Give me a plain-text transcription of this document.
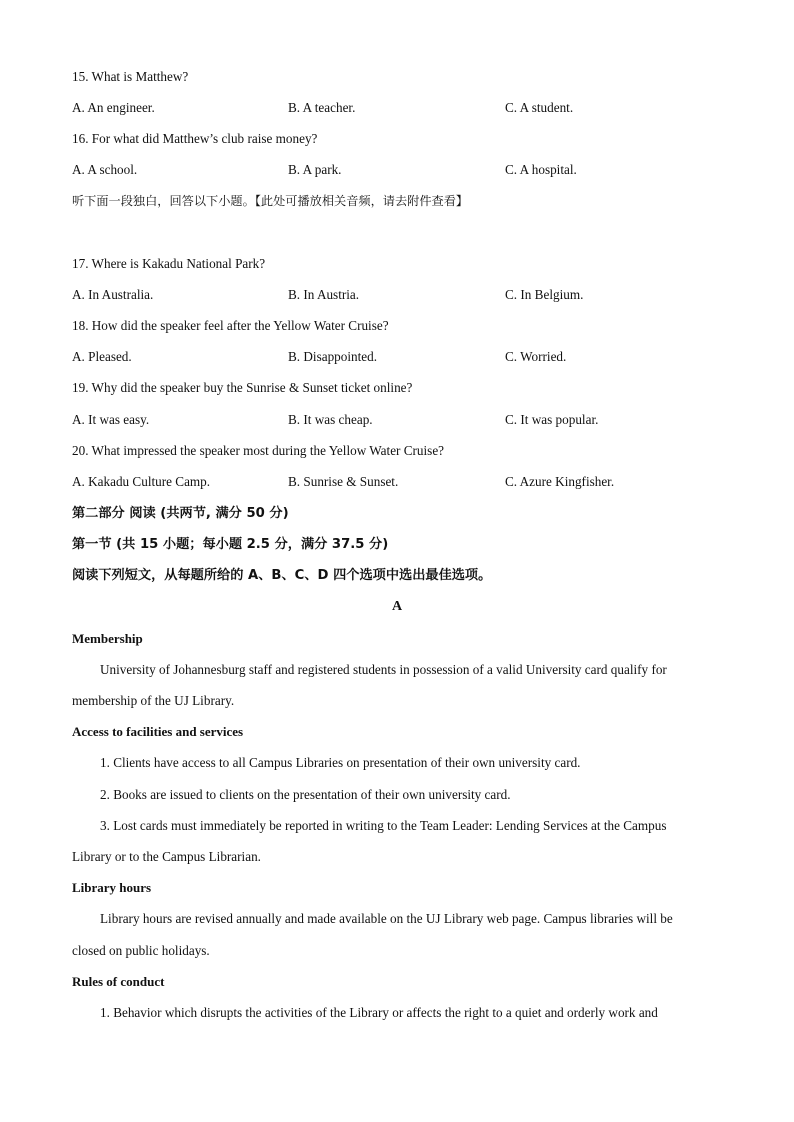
15. What is Matthew?
A. An engineer.	B. A teacher.	C. A student.
16. For what did Matthew’s club raise money?
A. A school.	B. A park.	C. A hospital.
听下面一段独白，回答以下小题。【此处可播放相关音频，请去附件查看】
17. Where is Kakadu National Park?
A. In Australia.	B. In Austria.	C. In Belgium.
18. How did the speaker feel after the Yellow Water Cruise?
A. Pleased.	B. Disappointed.	C. Worried.
19. Why did the speaker buy the Sunrise & Sunset ticket online?
A. It was easy.	B. It was cheap.	C. It was popular.
20. What impressed the speaker most during the Yellow Water Cruise?
A. Kakadu Culture Camp.	B. Sunrise & Sunset.	C. Azure Kingfisher.
第二部分 阅读 (共两节, 满分 50 分)
第一节 (共 15 小题；每小题 2.5 分，满分 37.5 分)
阅读下列短文，从每题所给的 A、B、C、D 四个选项中选出最佳选项。
A
Membership
University of Johannesburg staff and registered students in possession of a valid University card qualify for
membership of the UJ Library.
Access to facilities and services
1. Clients have access to all Campus Libraries on presentation of their own university card.
2. Books are issued to clients on the presentation of their own university card.
3. Lost cards must immediately be reported in writing to the Team Leader: Lending Services at the Campus
Library or to the Campus Librarian.
Library hours
Library hours are revised annually and made available on the UJ Library web page. Campus libraries will be
closed on public holidays.
Rules of conduct
1. Behavior which disrupts the activities of the Library or affects the right to a quiet and orderly work and
